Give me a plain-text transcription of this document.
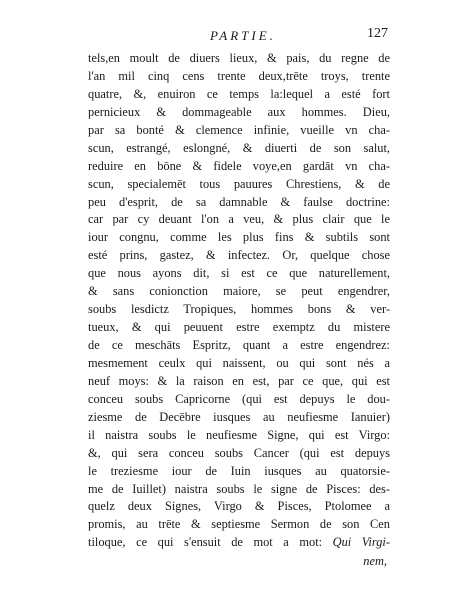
PARTIE.	127
tels,en moult de diuers lieux, & pais, du regne de
l'an mil cinq cens trente deux,trēte troys, trente
quatre, &, enuiron ce temps la:lequel a esté fort
pernicieux & dommageable aux hommes. Dieu,
par sa bonté & clemence infinie, vueille vn cha-
scun, estrangé, eslongné, & diuerti de son salut,
reduire en bōne & fidele voye,en gardāt vn cha-
scun, specialemēt tous pauures Chrestiens, & de
peu d'esprit, de sa damnable & faulse doctrine:
car par cy deuant l'on a veu, & plus clair que le
iour congnu, comme les plus fins & subtils sont
esté prins, gastez, & infectez. Or, quelque chose
que nous ayons dit, si est ce que naturellement,
& sans conionction maiore, se peut engendrer,
soubs lesdictz Tropiques, hommes bons & ver-
tueux, & qui peuuent estre exemptz du mistere
de ce meschāts Espritz, quant a estre engendrez:
mesmement ceulx qui naissent, ou qui sont nés a
neuf moys: & la raison en est, par ce que, qui est
conceu soubs Capricorne (qui est depuys le dou-
ziesme de Decēbre iusques au neufiesme Ianuier)
il naistra soubs le neufiesme Signe, qui est Virgo:
&, qui sera conceu soubs Cancer (qui est depuys
le treziesme iour de Iuin iusques au quatorsie-
me de Iuillet) naistra soubs le signe de Pisces: des-
quelz deux Signes, Virgo & Pisces, Ptolomee a
promis, au trēte & septiesme Sermon de son Cen
tiloque, ce qui s'ensuit de mot a mot: Qui Virgi-
nem,
